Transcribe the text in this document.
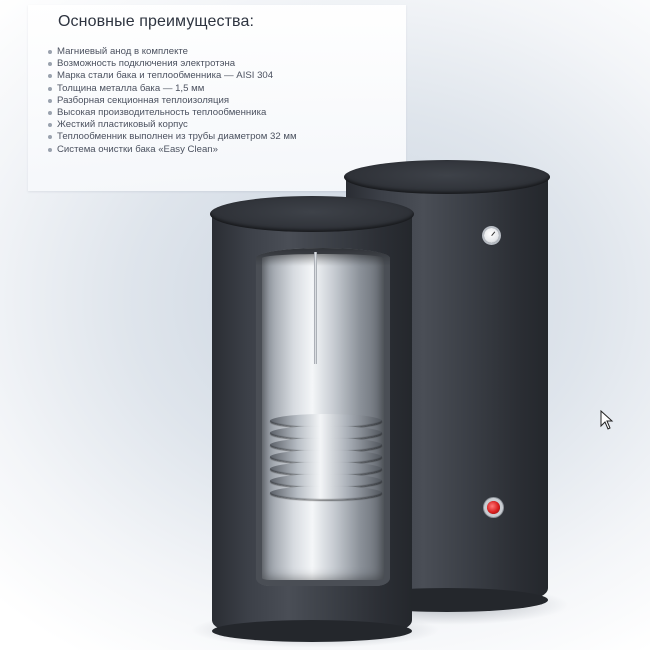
Основные преимущества:
Магниевый анод в комплекте
Возможность подключения электротэна
Марка стали бака и теплообменника — AISI 304
Толщина металла бака — 1,5 мм
Разборная секционная теплоизоляция
Высокая производительность теплообменника
Жесткий пластиковый корпус
Теплообменник выполнен из трубы диаметром 32 мм
Система очистки бака «Easy Clean»
